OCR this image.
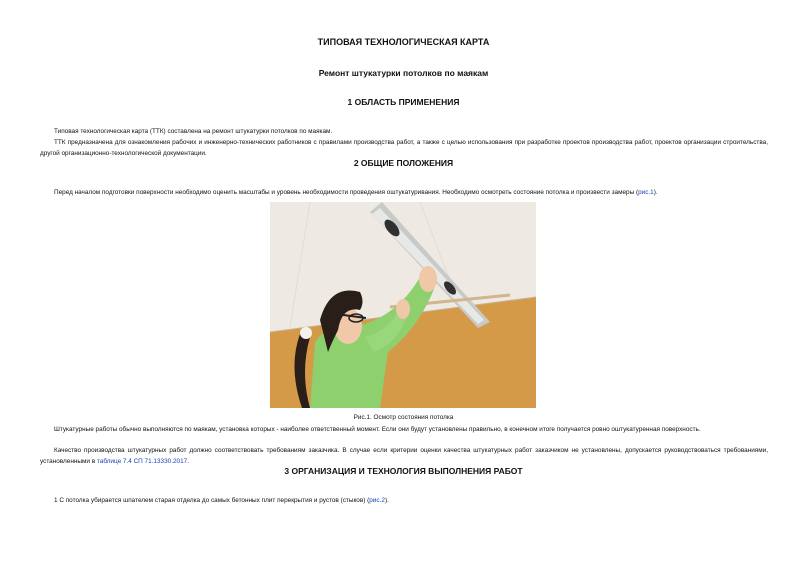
ТИПОВАЯ ТЕХНОЛОГИЧЕСКАЯ КАРТА
Ремонт штукатурки потолков по маякам
1 ОБЛАСТЬ ПРИМЕНЕНИЯ
Типовая технологическая карта (ТТК) составлена на ремонт штукатурки потолков по маякам.
ТТК предназначена для ознакомления рабочих и инженерно-технических работников с правилами производства работ, а также с целью использования при разработке проектов производства работ, проектов организации строительства, другой организационно-технологической документации.
2 ОБЩИЕ ПОЛОЖЕНИЯ
Перед началом подготовки поверхности необходимо оценить масштабы и уровень необходимости проведения оштукатуривания. Необходимо осмотреть состояние потолка и произвести замеры (рис.1).
Рис.1. Осмотр состояния потолка
Штукатурные работы обычно выполняются по маякам, установка которых - наиболее ответственный момент. Если они будут установлены правильно, в конечном итоге получается ровно оштукатуренная поверхность.
Качество производства штукатурных работ должно соответствовать требованиям заказчика. В случае если критерии оценки качества штукатурных работ заказчиком не установлены, допускается руководствоваться требованиями, установленными в таблице 7.4 СП 71.13330.2017.
3 ОРГАНИЗАЦИЯ И ТЕХНОЛОГИЯ ВЫПОЛНЕНИЯ РАБОТ
1 С потолка убирается шпателем старая отделка до самых бетонных плит перекрытия и рустов (стыков) (рис.2).
